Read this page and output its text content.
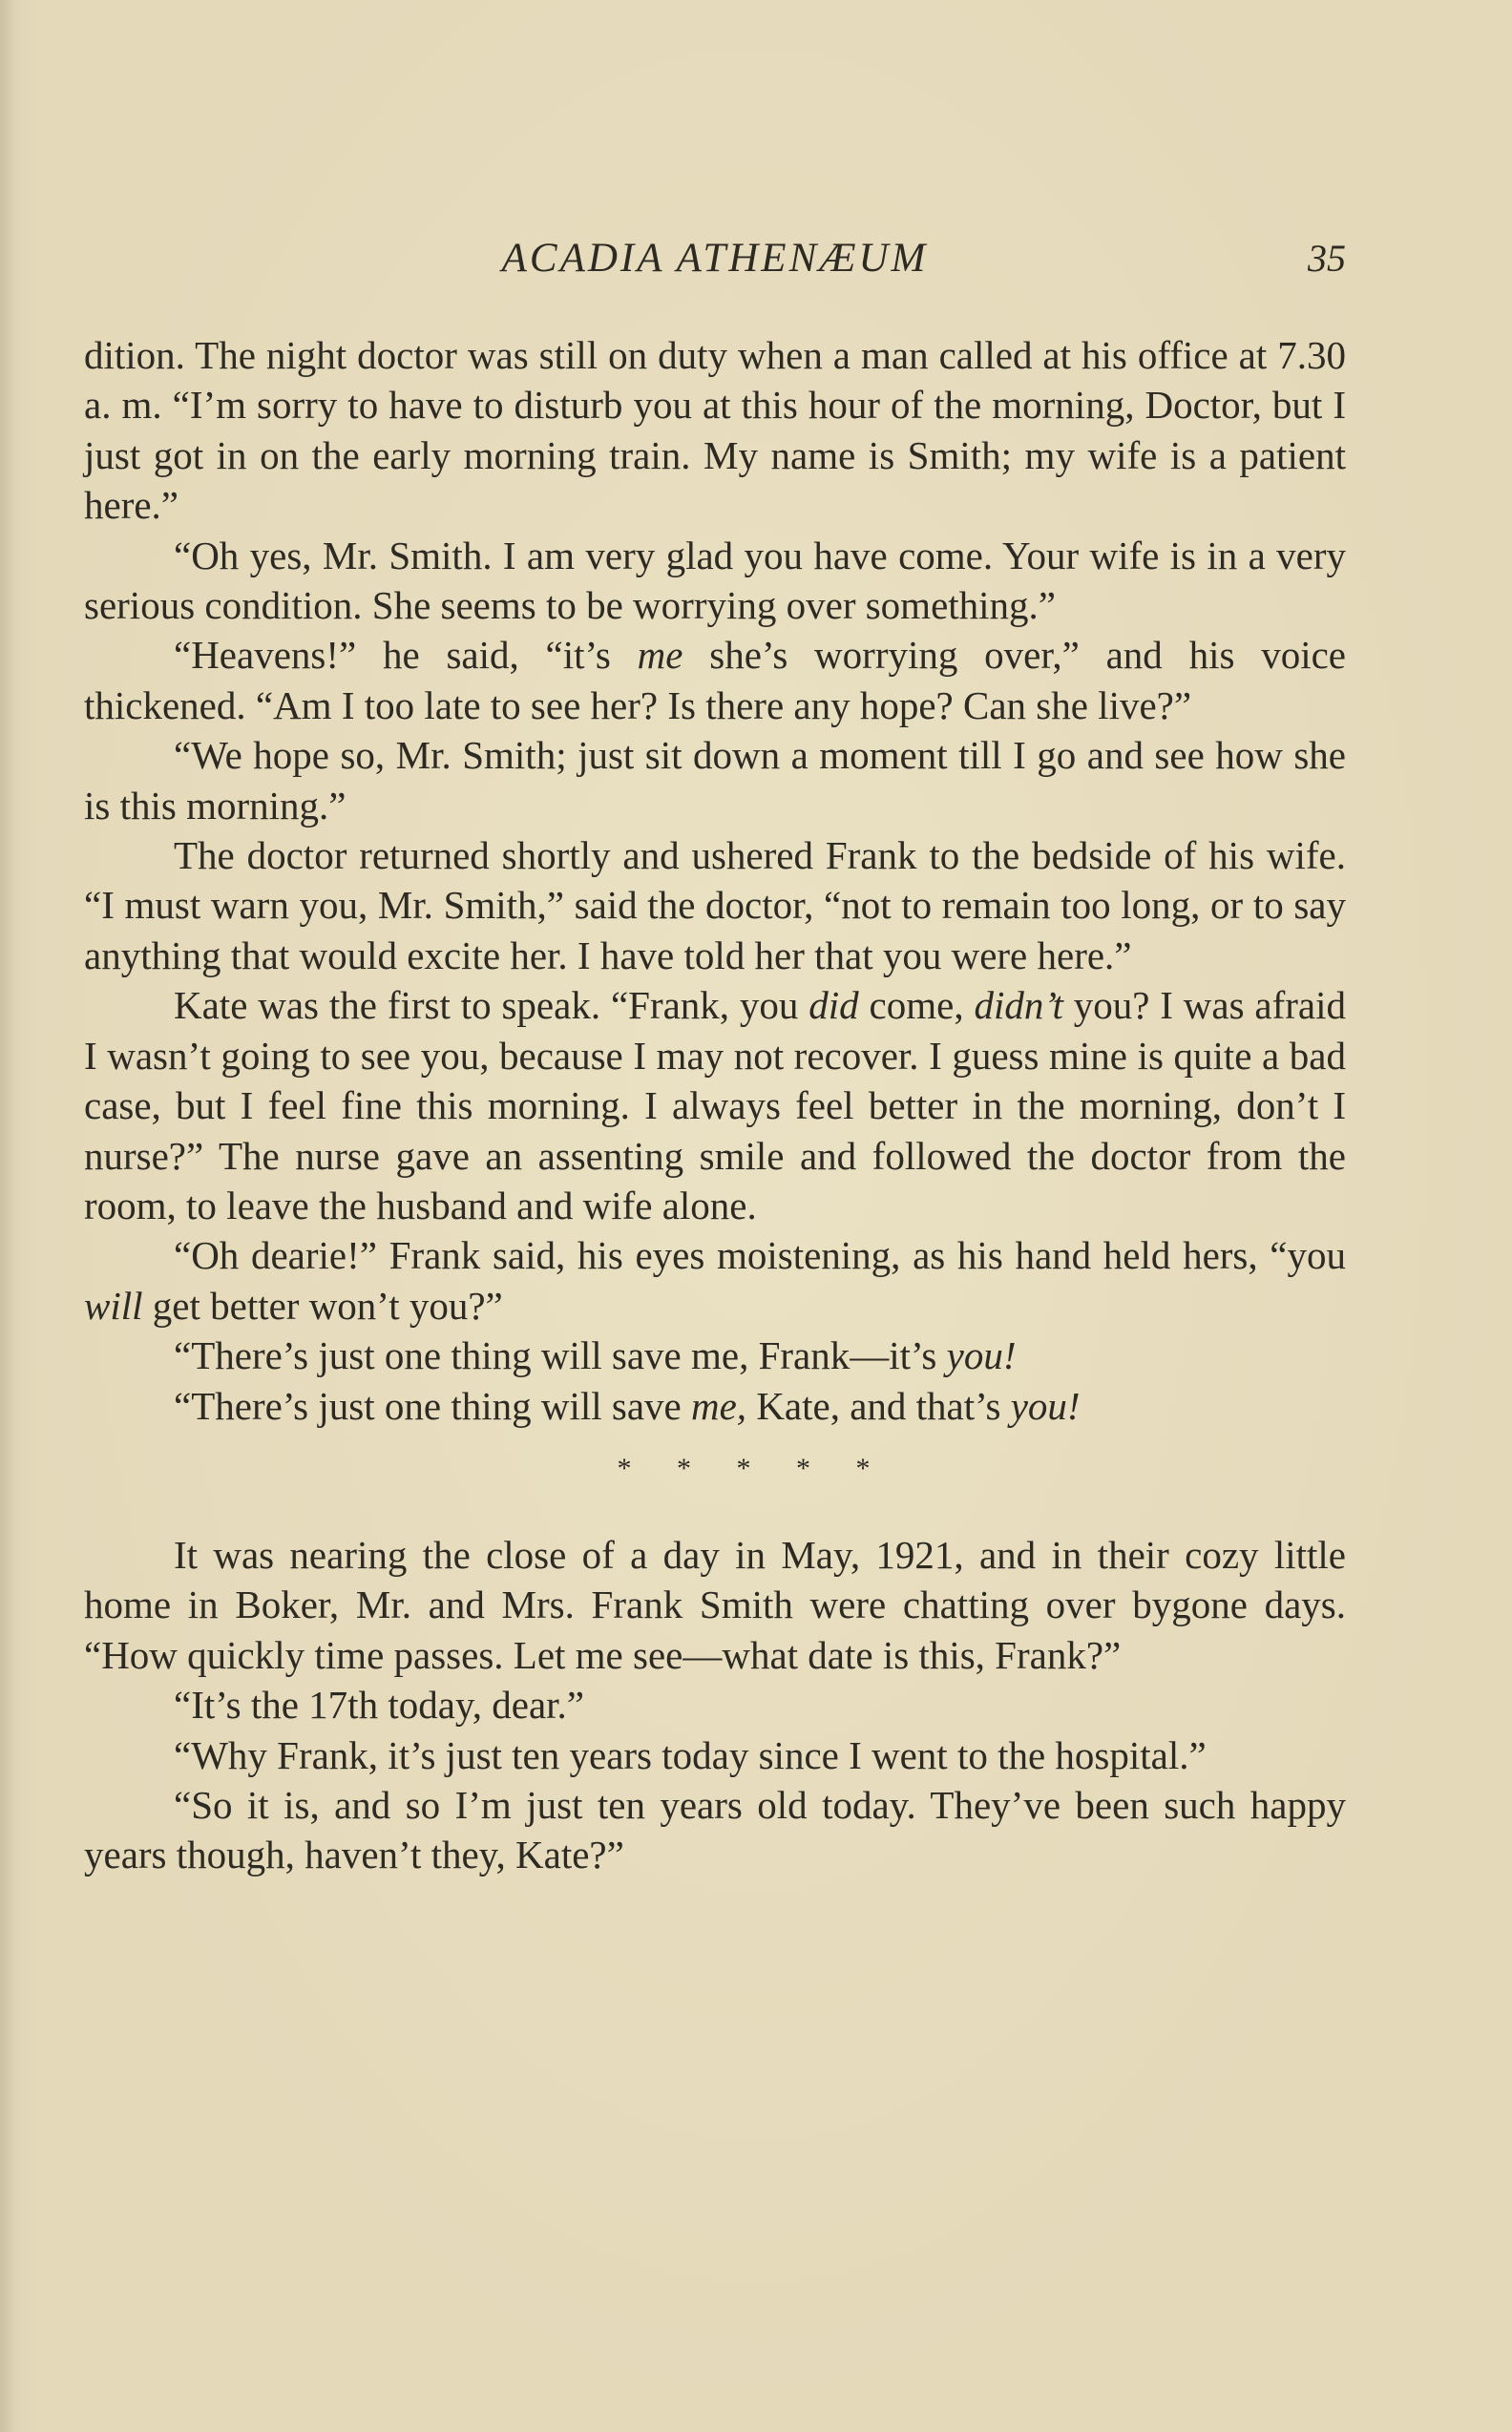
ACADIA ATHENÆUM	35

dition. The night doctor was still on duty when a man called at his office at 7.30 a. m. “I’m sorry to have to disturb you at this hour of the morning, Doctor, but I just got in on the early morning train. My name is Smith; my wife is a patient here.”

“Oh yes, Mr. Smith. I am very glad you have come. Your wife is in a very serious condition. She seems to be worrying over something.”

“Heavens!” he said, “it’s me she’s worrying over,” and his voice thickened. “Am I too late to see her? Is there any hope? Can she live?”

“We hope so, Mr. Smith; just sit down a moment till I go and see how she is this morning.”

The doctor returned shortly and ushered Frank to the bedside of his wife. “I must warn you, Mr. Smith,” said the doctor, “not to remain too long, or to say anything that would excite her. I have told her that you were here.”

Kate was the first to speak. “Frank, you did come, didn’t you? I was afraid I wasn’t going to see you, because I may not recover. I guess mine is quite a bad case, but I feel fine this morning. I always feel better in the morning, don’t I nurse?” The nurse gave an assenting smile and followed the doctor from the room, to leave the husband and wife alone.

“Oh dearie!” Frank said, his eyes moistening, as his hand held hers, “you will get better won’t you?”

“There’s just one thing will save me, Frank—it’s you!

“There’s just one thing will save me, Kate, and that’s you!

* * * * *

It was nearing the close of a day in May, 1921, and in their cozy little home in Boker, Mr. and Mrs. Frank Smith were chatting over bygone days. “How quickly time passes. Let me see—what date is this, Frank?”

“It’s the 17th today, dear.”

“Why Frank, it’s just ten years today since I went to the hospital.”

“So it is, and so I’m just ten years old today. They’ve been such happy years though, haven’t they, Kate?”
